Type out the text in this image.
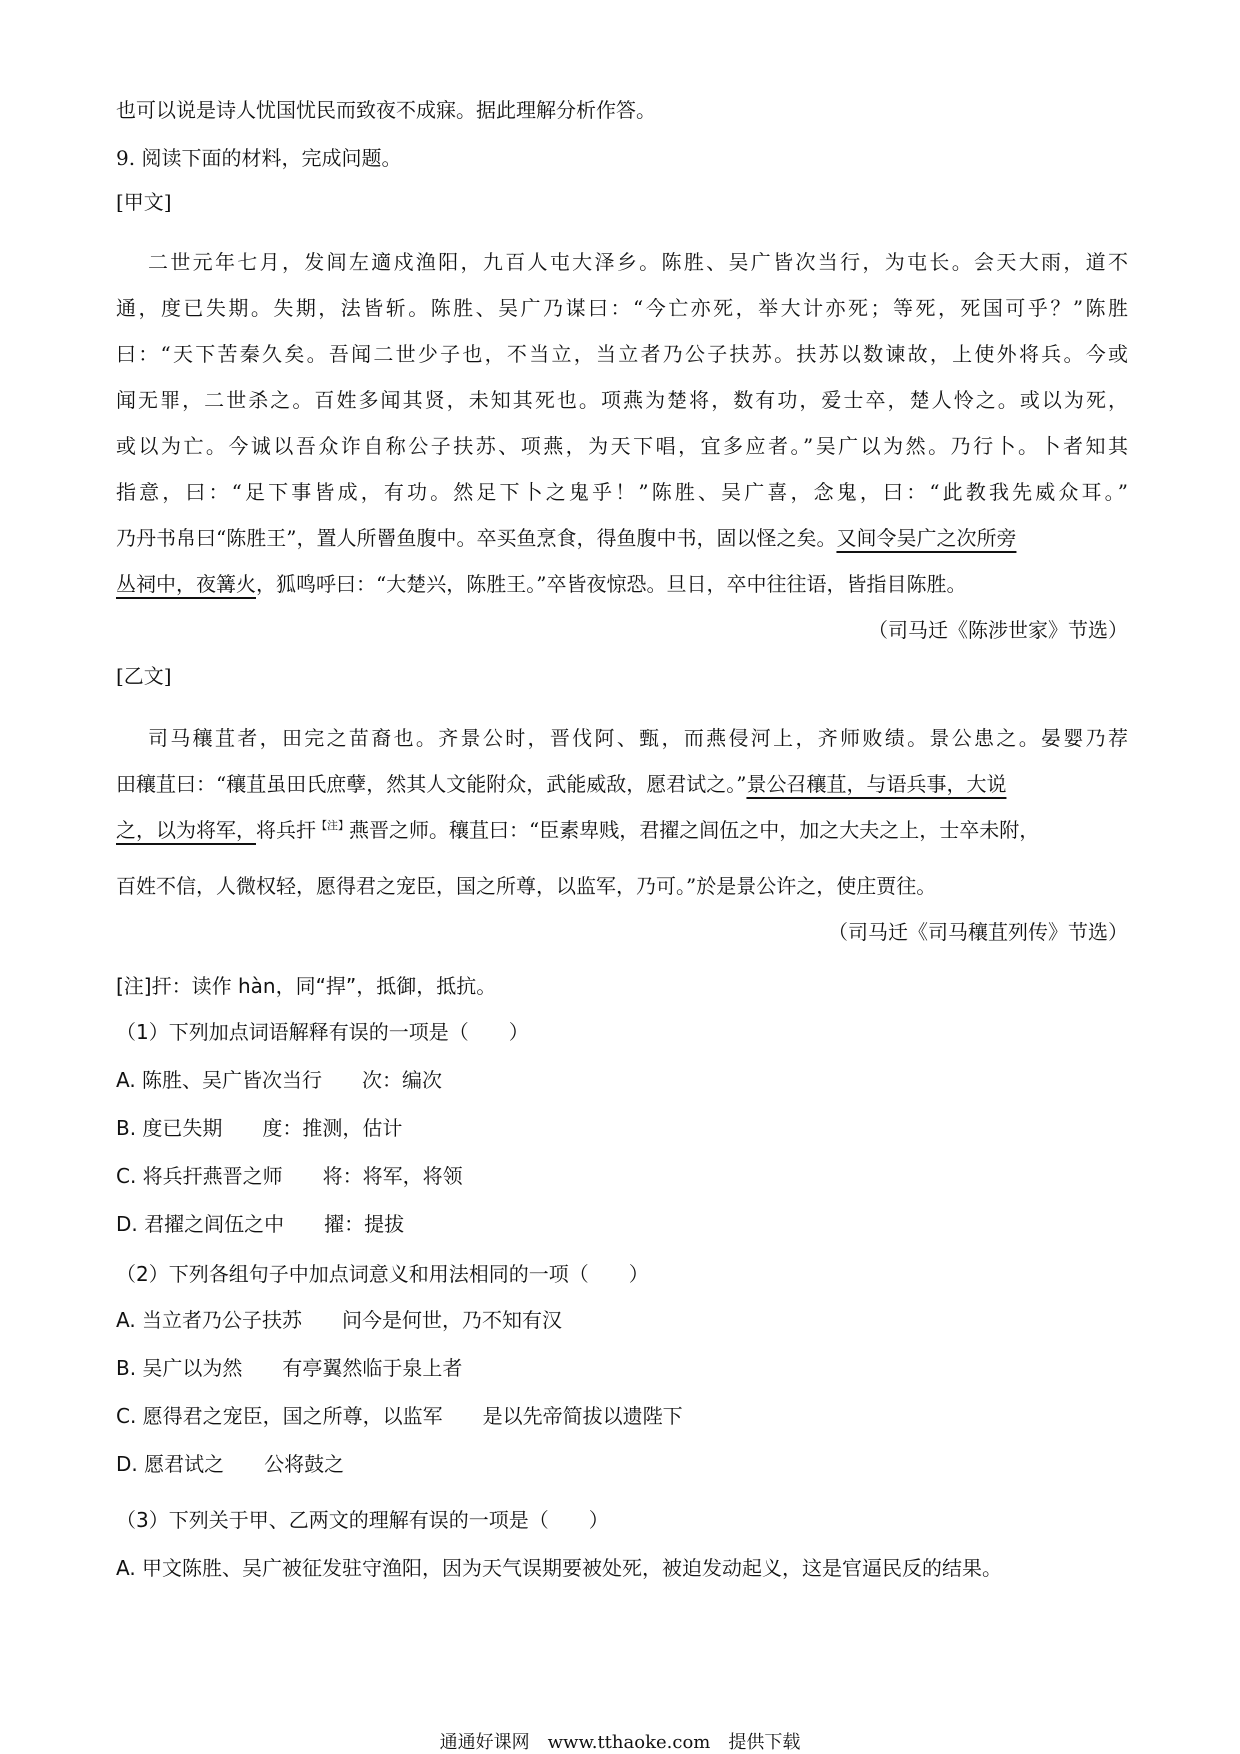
也可以说是诗人忧国忧民而致夜不成寐。据此理解分析作答。
9. 阅读下面的材料，完成问题。
[甲文]
二世元年七月，发闾左適戍渔阳，九百人屯大泽乡。陈胜、吴广皆次当行，为屯长。会天大雨，道不
通，度已失期。失期，法皆斩。陈胜、吴广乃谋曰：“今亡亦死，举大计亦死；等死，死国可乎？”陈胜
曰：“天下苦秦久矣。吾闻二世少子也，不当立，当立者乃公子扶苏。扶苏以数谏故，上使外将兵。今或
闻无罪，二世杀之。百姓多闻其贤，未知其死也。项燕为楚将，数有功，爱士卒，楚人怜之。或以为死，
或以为亡。今诚以吾众诈自称公子扶苏、项燕，为天下唱，宜多应者。”吴广以为然。乃行卜。卜者知其
指意，曰：“足下事皆成，有功。然足下卜之鬼乎！”陈胜、吴广喜，念鬼，曰：“此教我先威众耳。”
乃丹书帛曰“陈胜王”，置人所罾鱼腹中。卒买鱼烹食，得鱼腹中书，固以怪之矣。又间令吴广之次所旁
丛祠中，夜篝火，狐鸣呼曰：“大楚兴，陈胜王。”卒皆夜惊恐。旦日，卒中往往语，皆指目陈胜。
（司马迁《陈涉世家》节选）
[乙文]
司马穰苴者，田完之苗裔也。齐景公时，晋伐阿、甄，而燕侵河上，齐师败绩。景公患之。晏婴乃荐
田穰苴曰：“穰苴虽田氏庶孽，然其人文能附众，武能威敌，愿君试之。”景公召穰苴，与语兵事，大说
之，以为将军，将兵扞$^{【注】}$燕晋之师。穰苴曰：“臣素卑贱，君擢之闾伍之中，加之大夫之上，士卒未附，
百姓不信，人微权轻，愿得君之宠臣，国之所尊，以监军，乃可。”於是景公许之，使庄贾往。
（司马迁《司马穰苴列传》节选）
[注]扞：读作 hàn，同“捍”，抵御，抵抗。
（1）下列加点词语解释有误的一项是（　　）
A. 陈胜、吴广皆次当行　　次：编次
B. 度已失期　　度：推测，估计
C. 将兵扞燕晋之师　　将：将军，将领
D. 君擢之闾伍之中　　擢：提拔
（2）下列各组句子中加点词意义和用法相同的一项（　　）
A. 当立者乃公子扶苏　　问今是何世，乃不知有汉
B. 吴广以为然　　有亭翼然临于泉上者
C. 愿得君之宠臣，国之所尊，以监军　　是以先帝简拔以遗陛下
D. 愿君试之　　公将鼓之
（3）下列关于甲、乙两文的理解有误的一项是（　　）
A. 甲文陈胜、吴广被征发驻守渔阳，因为天气误期要被处死，被迫发动起义，这是官逼民反的结果。
通通好课网　www.tthaoke.com　提供下载
